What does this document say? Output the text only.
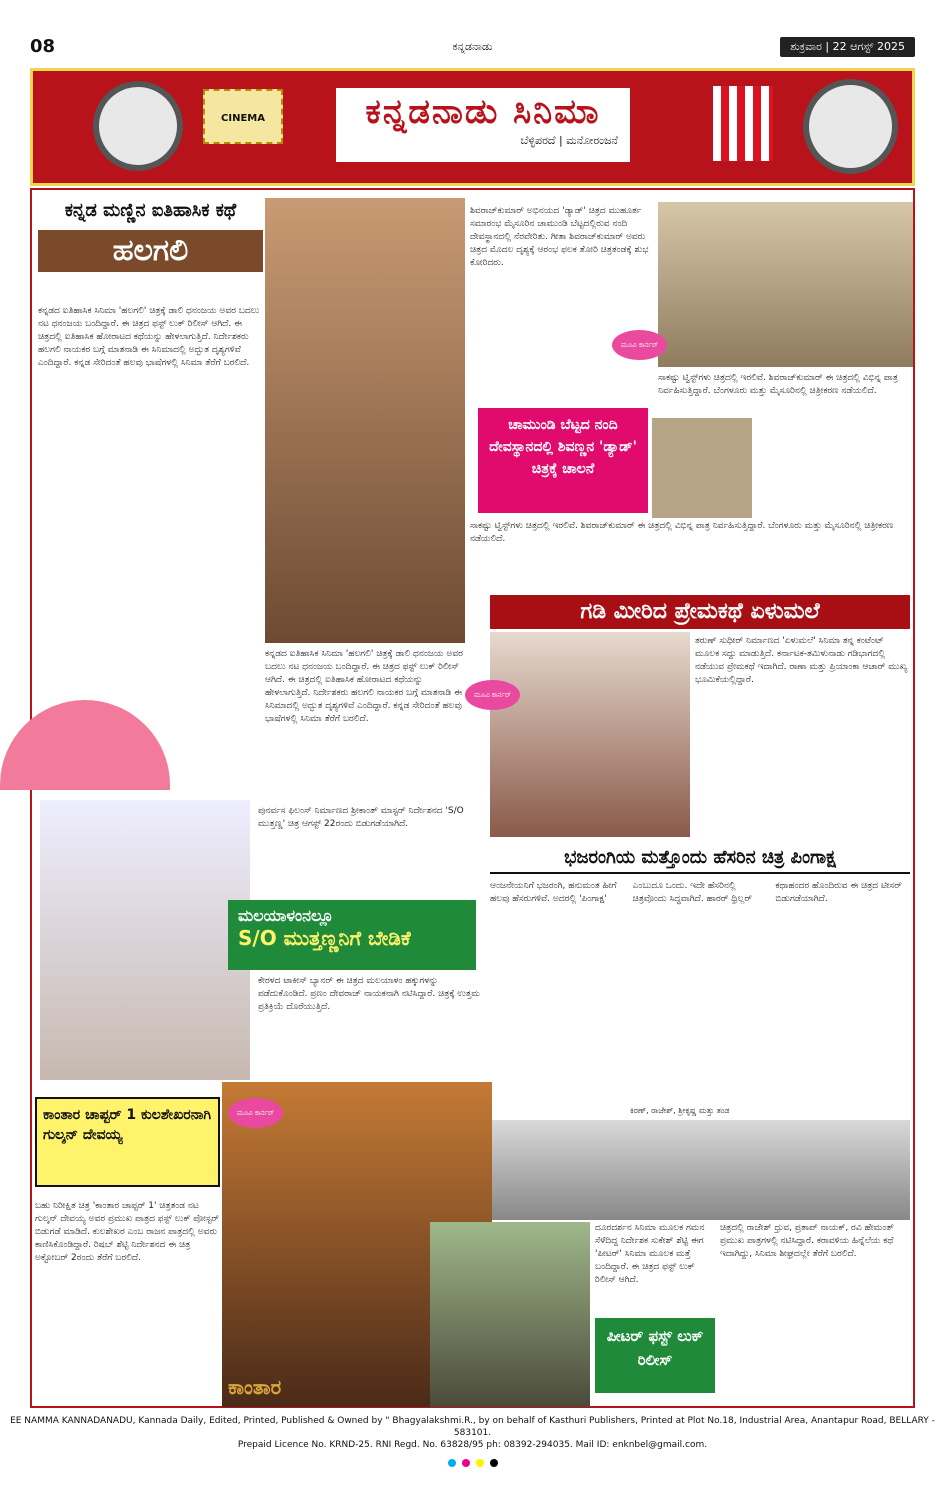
08	ಕನ್ನಡನಾಡು	ಶುಕ್ರವಾರ | 22 ಆಗಸ್ಟ್ 2025
CINEMA	ಕನ್ನಡನಾಡು ಸಿನಿಮಾ
ಬೆಳ್ಳಿಪರದೆ | ಮನೋರಂಜನೆ
ಕನ್ನಡ ಮಣ್ಣಿನ ಐತಿಹಾಸಿಕ ಕಥೆ
ಹಲಗಲಿ
ಕನ್ನಡದ ಐತಿಹಾಸಿಕ ಸಿನಿಮಾ 'ಹಲಗಲಿ' ಚಿತ್ರಕ್ಕೆ ಡಾಲಿ ಧನಂಜಯ ಅವರ ಬದಲು ನಟ ಧನಂಜಯ ಬಂದಿದ್ದಾರೆ. ಈ ಚಿತ್ರದ ಫಸ್ಟ್ ಲುಕ್ ರಿಲೀಸ್ ಆಗಿದೆ. ಈ ಚಿತ್ರದಲ್ಲಿ ಐತಿಹಾಸಿಕ ಹೋರಾಟದ ಕಥೆಯನ್ನು ಹೇಳಲಾಗುತ್ತಿದೆ. ನಿರ್ದೇಶಕರು ಹಲಗಲಿ ನಾಯಕರ ಬಗ್ಗೆ ಮಾತನಾಡಿ ಈ ಸಿನಿಮಾದಲ್ಲಿ ಅದ್ಭುತ ದೃಶ್ಯಗಳಿವೆ ಎಂದಿದ್ದಾರೆ. ಕನ್ನಡ ಸೇರಿದಂತೆ ಹಲವು ಭಾಷೆಗಳಲ್ಲಿ ಸಿನಿಮಾ ತೆರೆಗೆ ಬರಲಿದೆ.
ಕನ್ನಡದ ಐತಿಹಾಸಿಕ ಸಿನಿಮಾ 'ಹಲಗಲಿ' ಚಿತ್ರಕ್ಕೆ ಡಾಲಿ ಧನಂಜಯ ಅವರ ಬದಲು ನಟ ಧನಂಜಯ ಬಂದಿದ್ದಾರೆ. ಈ ಚಿತ್ರದ ಫಸ್ಟ್ ಲುಕ್ ರಿಲೀಸ್ ಆಗಿದೆ. ಈ ಚಿತ್ರದಲ್ಲಿ ಐತಿಹಾಸಿಕ ಹೋರಾಟದ ಕಥೆಯನ್ನು ಹೇಳಲಾಗುತ್ತಿದೆ. ನಿರ್ದೇಶಕರು ಹಲಗಲಿ ನಾಯಕರ ಬಗ್ಗೆ ಮಾತನಾಡಿ ಈ ಸಿನಿಮಾದಲ್ಲಿ ಅದ್ಭುತ ದೃಶ್ಯಗಳಿವೆ ಎಂದಿದ್ದಾರೆ. ಕನ್ನಡ ಸೇರಿದಂತೆ ಹಲವು ಭಾಷೆಗಳಲ್ಲಿ ಸಿನಿಮಾ ತೆರೆಗೆ ಬರಲಿದೆ.
ಶಿವರಾಜ್‌ಕುಮಾರ್ ಅಭಿನಯದ 'ಡ್ಯಾಡ್' ಚಿತ್ರದ ಮುಹೂರ್ತ ಸಮಾರಂಭ ಮೈಸೂರಿನ ಚಾಮುಂಡಿ ಬೆಟ್ಟದಲ್ಲಿರುವ ನಂದಿ ದೇವಸ್ಥಾನದಲ್ಲಿ ನೆರವೇರಿತು. ಗೀತಾ ಶಿವರಾಜ್‌ಕುಮಾರ್ ಅವರು ಚಿತ್ರದ ಮೊದಲ ದೃಶ್ಯಕ್ಕೆ ಆರಂಭ ಫಲಕ ತೋರಿ ಚಿತ್ರತಂಡಕ್ಕೆ ಶುಭ ಕೋರಿದರು.
ಸಾಕಷ್ಟು ಟ್ವಿಸ್ಟ್‌ಗಳು ಚಿತ್ರದಲ್ಲಿ ಇರಲಿವೆ. ಶಿವರಾಜ್‌ಕುಮಾರ್ ಈ ಚಿತ್ರದಲ್ಲಿ ವಿಭಿನ್ನ ಪಾತ್ರ ನಿರ್ವಹಿಸುತ್ತಿದ್ದಾರೆ. ಬೆಂಗಳೂರು ಮತ್ತು ಮೈಸೂರಿನಲ್ಲಿ ಚಿತ್ರೀಕರಣ ನಡೆಯಲಿದೆ.
ಚಾಮುಂಡಿ ಬೆಟ್ಟದ ನಂದಿ ದೇವಸ್ಥಾನದಲ್ಲಿ ಶಿವಣ್ಣನ 'ಡ್ಯಾಡ್' ಚಿತ್ರಕ್ಕೆ ಚಾಲನೆ
ಸಾಕಷ್ಟು ಟ್ವಿಸ್ಟ್‌ಗಳು ಚಿತ್ರದಲ್ಲಿ ಇರಲಿವೆ. ಶಿವರಾಜ್‌ಕುಮಾರ್ ಈ ಚಿತ್ರದಲ್ಲಿ ವಿಭಿನ್ನ ಪಾತ್ರ ನಿರ್ವಹಿಸುತ್ತಿದ್ದಾರೆ. ಬೆಂಗಳೂರು ಮತ್ತು ಮೈಸೂರಿನಲ್ಲಿ ಚಿತ್ರೀಕರಣ ನಡೆಯಲಿದೆ.
ಗಡಿ ಮೀರಿದ ಪ್ರೇಮಕಥೆ ಏಳುಮಲೆ
ತರುಣ್ ಸುಧೀರ್ ನಿರ್ಮಾಣದ 'ಏಳುಮಲೆ' ಸಿನಿಮಾ ತನ್ನ ಕಂಟೆಂಟ್ ಮೂಲಕ ಸದ್ದು ಮಾಡುತ್ತಿದೆ. ಕರ್ನಾಟಕ-ತಮಿಳುನಾಡು ಗಡಿಭಾಗದಲ್ಲಿ ನಡೆಯುವ ಪ್ರೇಮಕಥೆ ಇದಾಗಿದೆ. ರಾಣಾ ಮತ್ತು ಪ್ರಿಯಾಂಕಾ ಆಚಾರ್ ಮುಖ್ಯ ಭೂಮಿಕೆಯಲ್ಲಿದ್ದಾರೆ.
ಪುನರ್ವಸ ಫಿಲಂಸ್ ನಿರ್ಮಾಣದ ಶ್ರೀಕಾಂತ್ ಮಾಸ್ಟರ್ ನಿರ್ದೇಶನದ 'S/O ಮುತ್ತಣ್ಣ' ಚಿತ್ರ ಆಗಸ್ಟ್ 22ರಂದು ಬಿಡುಗಡೆಯಾಗಿದೆ.
ಮಲಯಾಳಂನಲ್ಲೂ
S/O ಮುತ್ತಣ್ಣನಿಗೆ ಬೇಡಿಕೆ
ಕೇರಳದ ಟಾಕೀಸ್ ಬ್ಯಾನರ್ ಈ ಚಿತ್ರದ ಮಲಯಾಳಂ ಹಕ್ಕುಗಳನ್ನು ಪಡೆದುಕೊಂಡಿದೆ. ಪ್ರಣಂ ದೇವರಾಜ್ ನಾಯಕನಾಗಿ ನಟಿಸಿದ್ದಾರೆ. ಚಿತ್ರಕ್ಕೆ ಉತ್ತಮ ಪ್ರತಿಕ್ರಿಯೆ ದೊರೆಯುತ್ತಿದೆ.
ಭಜರಂಗಿಯ ಮತ್ತೊಂದು ಹೆಸರಿನ ಚಿತ್ರ ಪಿಂಗಾಕ್ಷ
ಆಂಜನೇಯನಿಗೆ ಭಜರಂಗಿ, ಹನುಮಂತ ಹೀಗೆ ಹಲವು ಹೆಸರುಗಳಿವೆ. ಅದರಲ್ಲಿ 'ಪಿಂಗಾಕ್ಷ' ಎಂಬುದೂ ಒಂದು. ಇದೇ ಹೆಸರಿನಲ್ಲಿ ಚಿತ್ರವೊಂದು ಸಿದ್ಧವಾಗಿದೆ. ಹಾರರ್ ಥ್ರಿಲ್ಲರ್ ಕಥಾಹಂದರ ಹೊಂದಿರುವ ಈ ಚಿತ್ರದ ಟೀಸರ್ ಬಿಡುಗಡೆಯಾಗಿದೆ.
ಕಿರಣ್, ರಾಜೇಶ್, ಶ್ರೀಕೃಷ್ಣ ಮತ್ತು ತಂಡ
ಕಾಂತಾರ ಚಾಪ್ಟರ್ 1 ಕುಲಶೇಖರನಾಗಿ ಗುಲ್ಶನ್ ದೇವಯ್ಯ
ಬಹು ನಿರೀಕ್ಷಿತ ಚಿತ್ರ 'ಕಾಂತಾರ ಚಾಪ್ಟರ್ 1' ಚಿತ್ರತಂಡ ನಟ ಗುಲ್ಶನ್ ದೇವಯ್ಯ ಅವರ ಪ್ರಮುಖ ಪಾತ್ರದ ಫಸ್ಟ್ ಲುಕ್ ಪೋಸ್ಟರ್ ಬಿಡುಗಡೆ ಮಾಡಿದೆ. ಕುಲಶೇಖರ ಎಂಬ ರಾಜನ ಪಾತ್ರದಲ್ಲಿ ಅವರು ಕಾಣಿಸಿಕೊಂಡಿದ್ದಾರೆ. ರಿಷಬ್ ಶೆಟ್ಟಿ ನಿರ್ದೇಶನದ ಈ ಚಿತ್ರ ಅಕ್ಟೋಬರ್ 2ರಂದು ತೆರೆಗೆ ಬರಲಿದೆ.
ಕಾಂತಾರ
ದೂರದರ್ಶನ ಸಿನಿಮಾ ಮೂಲಕ ಗಮನ ಸೆಳೆದಿದ್ದ ನಿರ್ದೇಶಕ ಸುಕೇಶ್ ಶೆಟ್ಟಿ ಈಗ 'ಪೀಟರ್' ಸಿನಿಮಾ ಮೂಲಕ ಮತ್ತೆ ಬಂದಿದ್ದಾರೆ. ಈ ಚಿತ್ರದ ಫಸ್ಟ್ ಲುಕ್ ರಿಲೀಸ್ ಆಗಿದೆ.
ಪೀಟರ್ ಫಸ್ಟ್ ಲುಕ್ ರಿಲೀಸ್
ಚಿತ್ರದಲ್ಲಿ ರಾಜೇಶ್ ಧ್ರುವ, ಪ್ರತಾಪ್ ನಾಯಕ್, ರವಿ ಹೇಮಂತ್ ಪ್ರಮುಖ ಪಾತ್ರಗಳಲ್ಲಿ ನಟಿಸಿದ್ದಾರೆ. ಕರಾವಳಿಯ ಹಿನ್ನೆಲೆಯ ಕಥೆ ಇದಾಗಿದ್ದು, ಸಿನಿಮಾ ಶೀಘ್ರದಲ್ಲೇ ತೆರೆಗೆ ಬರಲಿದೆ.
ಮೂವಿ ಕಾರ್ನರ್
ಮೂವಿ ಕಾರ್ನರ್
ಮೂವಿ ಕಾರ್ನರ್
EE NAMMA KANNADANADU, Kannada Daily, Edited, Printed, Published & Owned by " Bhagyalakshmi.R., by on behalf of Kasthuri Publishers, Printed at Plot No.18, Industrial Area, Anantapur Road, BELLARY - 583101.
Prepaid Licence No. KRND-25. RNI Regd. No. 63828/95 ph: 08392-294035. Mail ID: enknbel@gmail.com.
